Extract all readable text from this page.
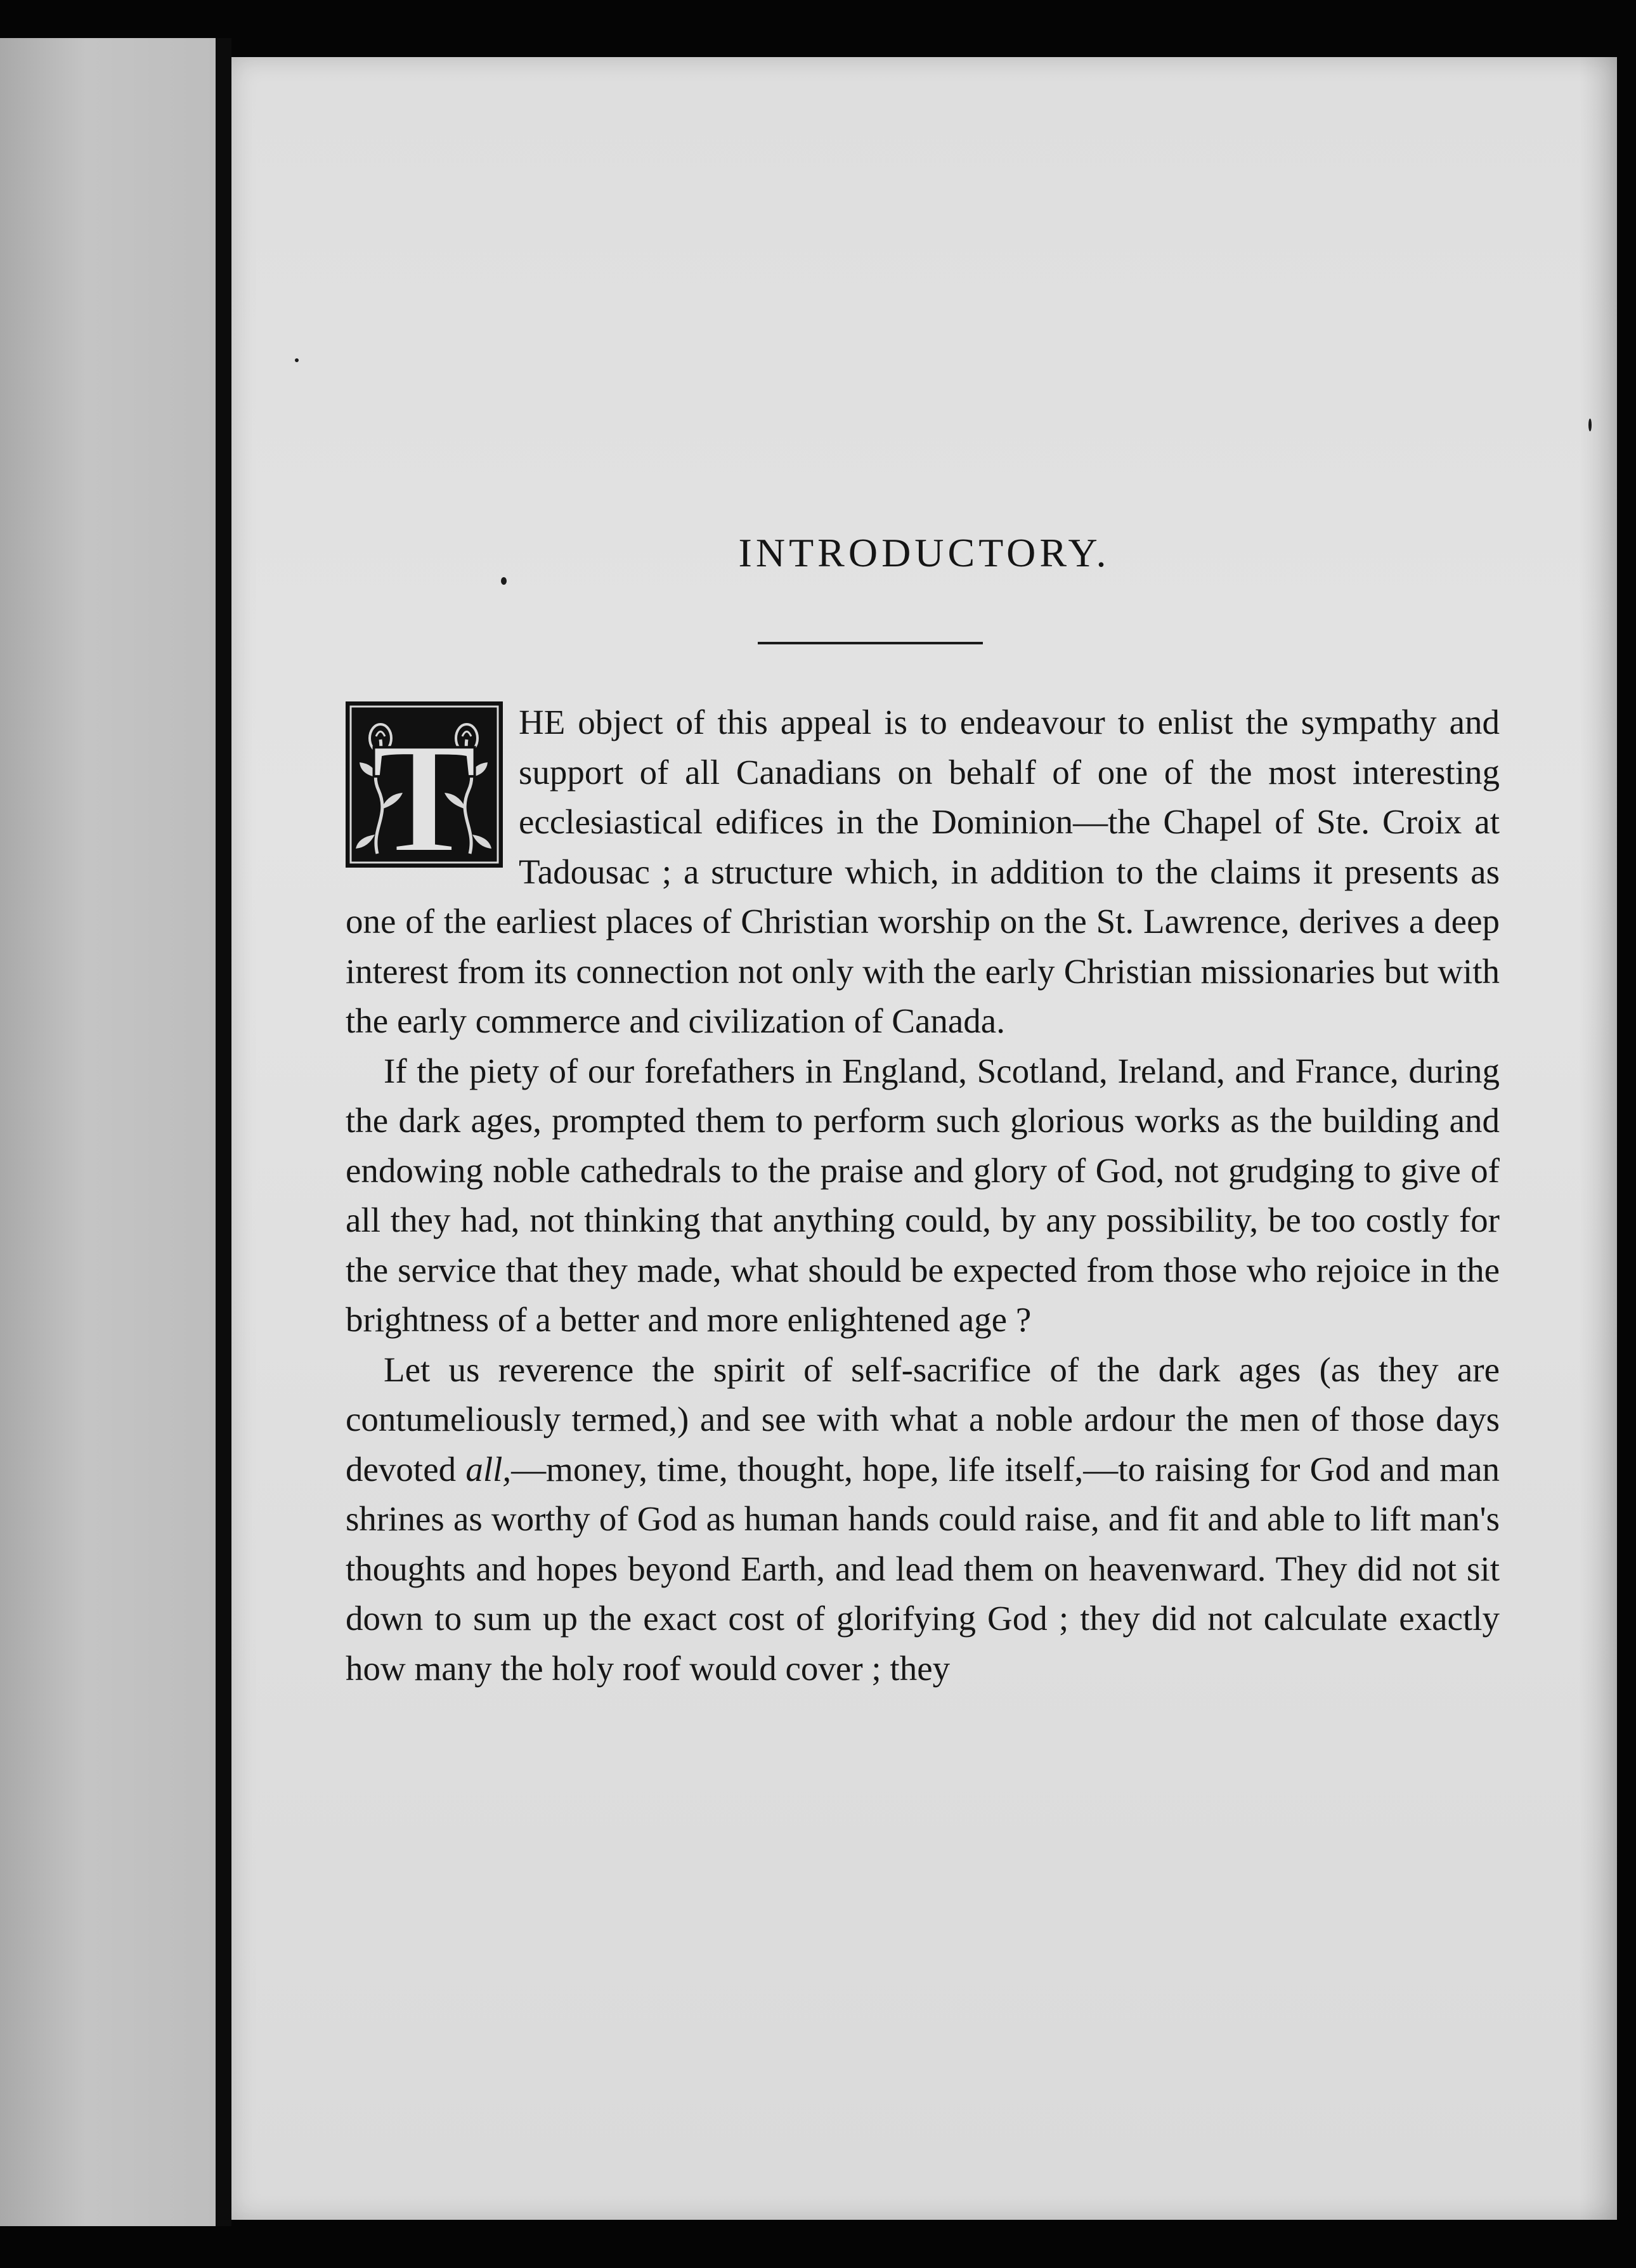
INTRODUCTORY.

T HE object of this appeal is to endeavour to enlist the sympathy and support of all Canadians on behalf of one of the most interesting ecclesiastical edifices in the Dominion—the Chapel of Ste. Croix at Tadousac ; a structure which, in addition to the claims it presents as one of the earliest places of Christian worship on the St. Lawrence, derives a deep interest from its connection not only with the early Christian missionaries but with the early commerce and civilization of Canada.

If the piety of our forefathers in England, Scotland, Ireland, and France, during the dark ages, prompted them to perform such glorious works as the building and endowing noble cathedrals to the praise and glory of God, not grudging to give of all they had, not thinking that anything could, by any possibility, be too costly for the service that they made, what should be expected from those who rejoice in the brightness of a better and more enlightened age ?

Let us reverence the spirit of self-sacrifice of the dark ages (as they are contumeliously termed,) and see with what a noble ardour the men of those days devoted all,—money, time, thought, hope, life itself,—to raising for God and man shrines as worthy of God as human hands could raise, and fit and able to lift man's thoughts and hopes beyond Earth, and lead them on heavenward. They did not sit down to sum up the exact cost of glorifying God ; they did not calculate exactly how many the holy roof would cover ; they
